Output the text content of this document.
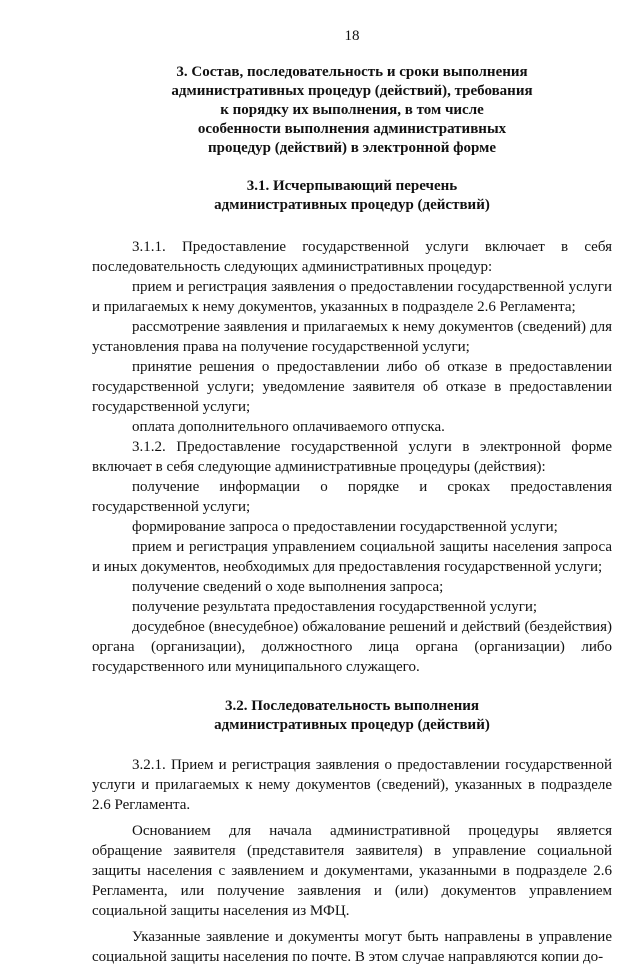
18
3. Состав, последовательность и сроки выполнения
административных процедур (действий), требования
к порядку их выполнения, в том числе
особенности выполнения административных
процедур (действий) в электронной форме
3.1. Исчерпывающий перечень
административных процедур (действий)

3.1.1. Предоставление государственной услуги включает в себя последовательность следующих административных процедур:

прием и регистрация заявления о предоставлении государственной услуги и прилагаемых к нему документов, указанных в подразделе 2.6 Регламента;

рассмотрение заявления и прилагаемых к нему документов (сведений) для установления права на получение государственной услуги;

принятие решения о предоставлении либо об отказе в предоставлении государственной услуги; уведомление заявителя об отказе в предоставлении государственной услуги;

оплата дополнительного оплачиваемого отпуска.

3.1.2. Предоставление государственной услуги в электронной форме включает в себя следующие административные процедуры (действия):

получение информации о порядке и сроках предоставления государственной услуги;

формирование запроса о предоставлении государственной услуги;

прием и регистрация управлением социальной защиты населения запроса и иных документов, необходимых для предоставления государственной услуги;

получение сведений о ходе выполнения запроса;

получение результата предоставления государственной услуги;

досудебное (внесудебное) обжалование решений и действий (бездействия) органа (организации), должностного лица органа (организации) либо государственного или муниципального служащего.

3.2. Последовательность выполнения
административных процедур (действий)

3.2.1. Прием и регистрация заявления о предоставлении государственной услуги и прилагаемых к нему документов (сведений), указанных в подразделе 2.6 Регламента.

Основанием для начала административной процедуры является обращение заявителя (представителя заявителя) в управление социальной защиты населения с заявлением и документами, указанными в подразделе 2.6 Регламента, или получение заявления и (или) документов управлением социальной защиты населения из МФЦ.

Указанные заявление и документы могут быть направлены в управление социальной защиты населения по почте. В этом случае направляются копии до-
